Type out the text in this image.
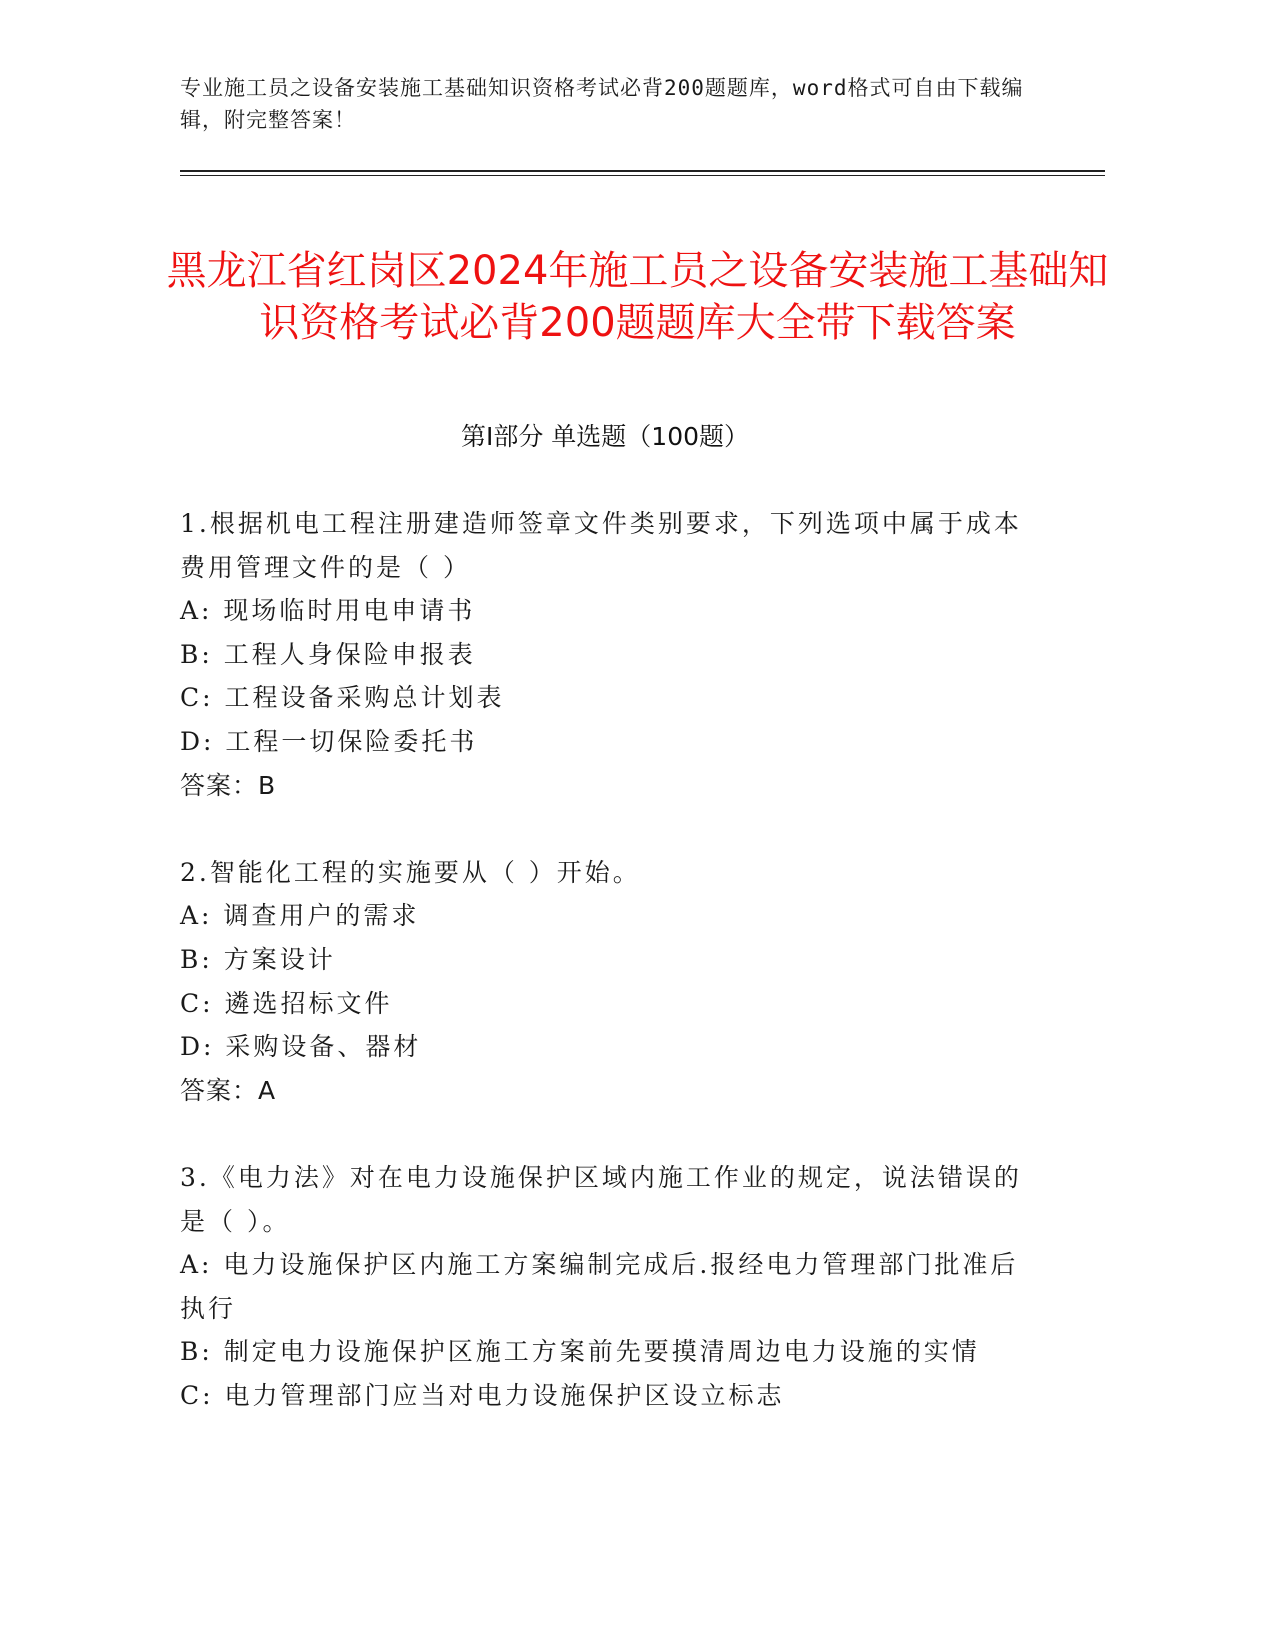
专业施工员之设备安装施工基础知识资格考试必背200题题库，word格式可自由下载编辑，附完整答案！
黑龙江省红岗区2024年施工员之设备安装施工基础知识资格考试必背200题题库大全带下载答案
第Ⅰ部分 单选题（100题）

1.根据机电工程注册建造师签章文件类别要求，下列选项中属于成本费用管理文件的是（ ）

A: 现场临时用电申请书

B: 工程人身保险申报表

C: 工程设备采购总计划表

D: 工程一切保险委托书

答案：B

2.智能化工程的实施要从（ ）开始。

A: 调查用户的需求

B: 方案设计

C: 遴选招标文件

D: 采购设备、器材

答案：A

3.《电力法》对在电力设施保护区域内施工作业的规定，说法错误的是（ ）。

A: 电力设施保护区内施工方案编制完成后.报经电力管理部门批准后执行

B: 制定电力设施保护区施工方案前先要摸清周边电力设施的实情

C: 电力管理部门应当对电力设施保护区设立标志
